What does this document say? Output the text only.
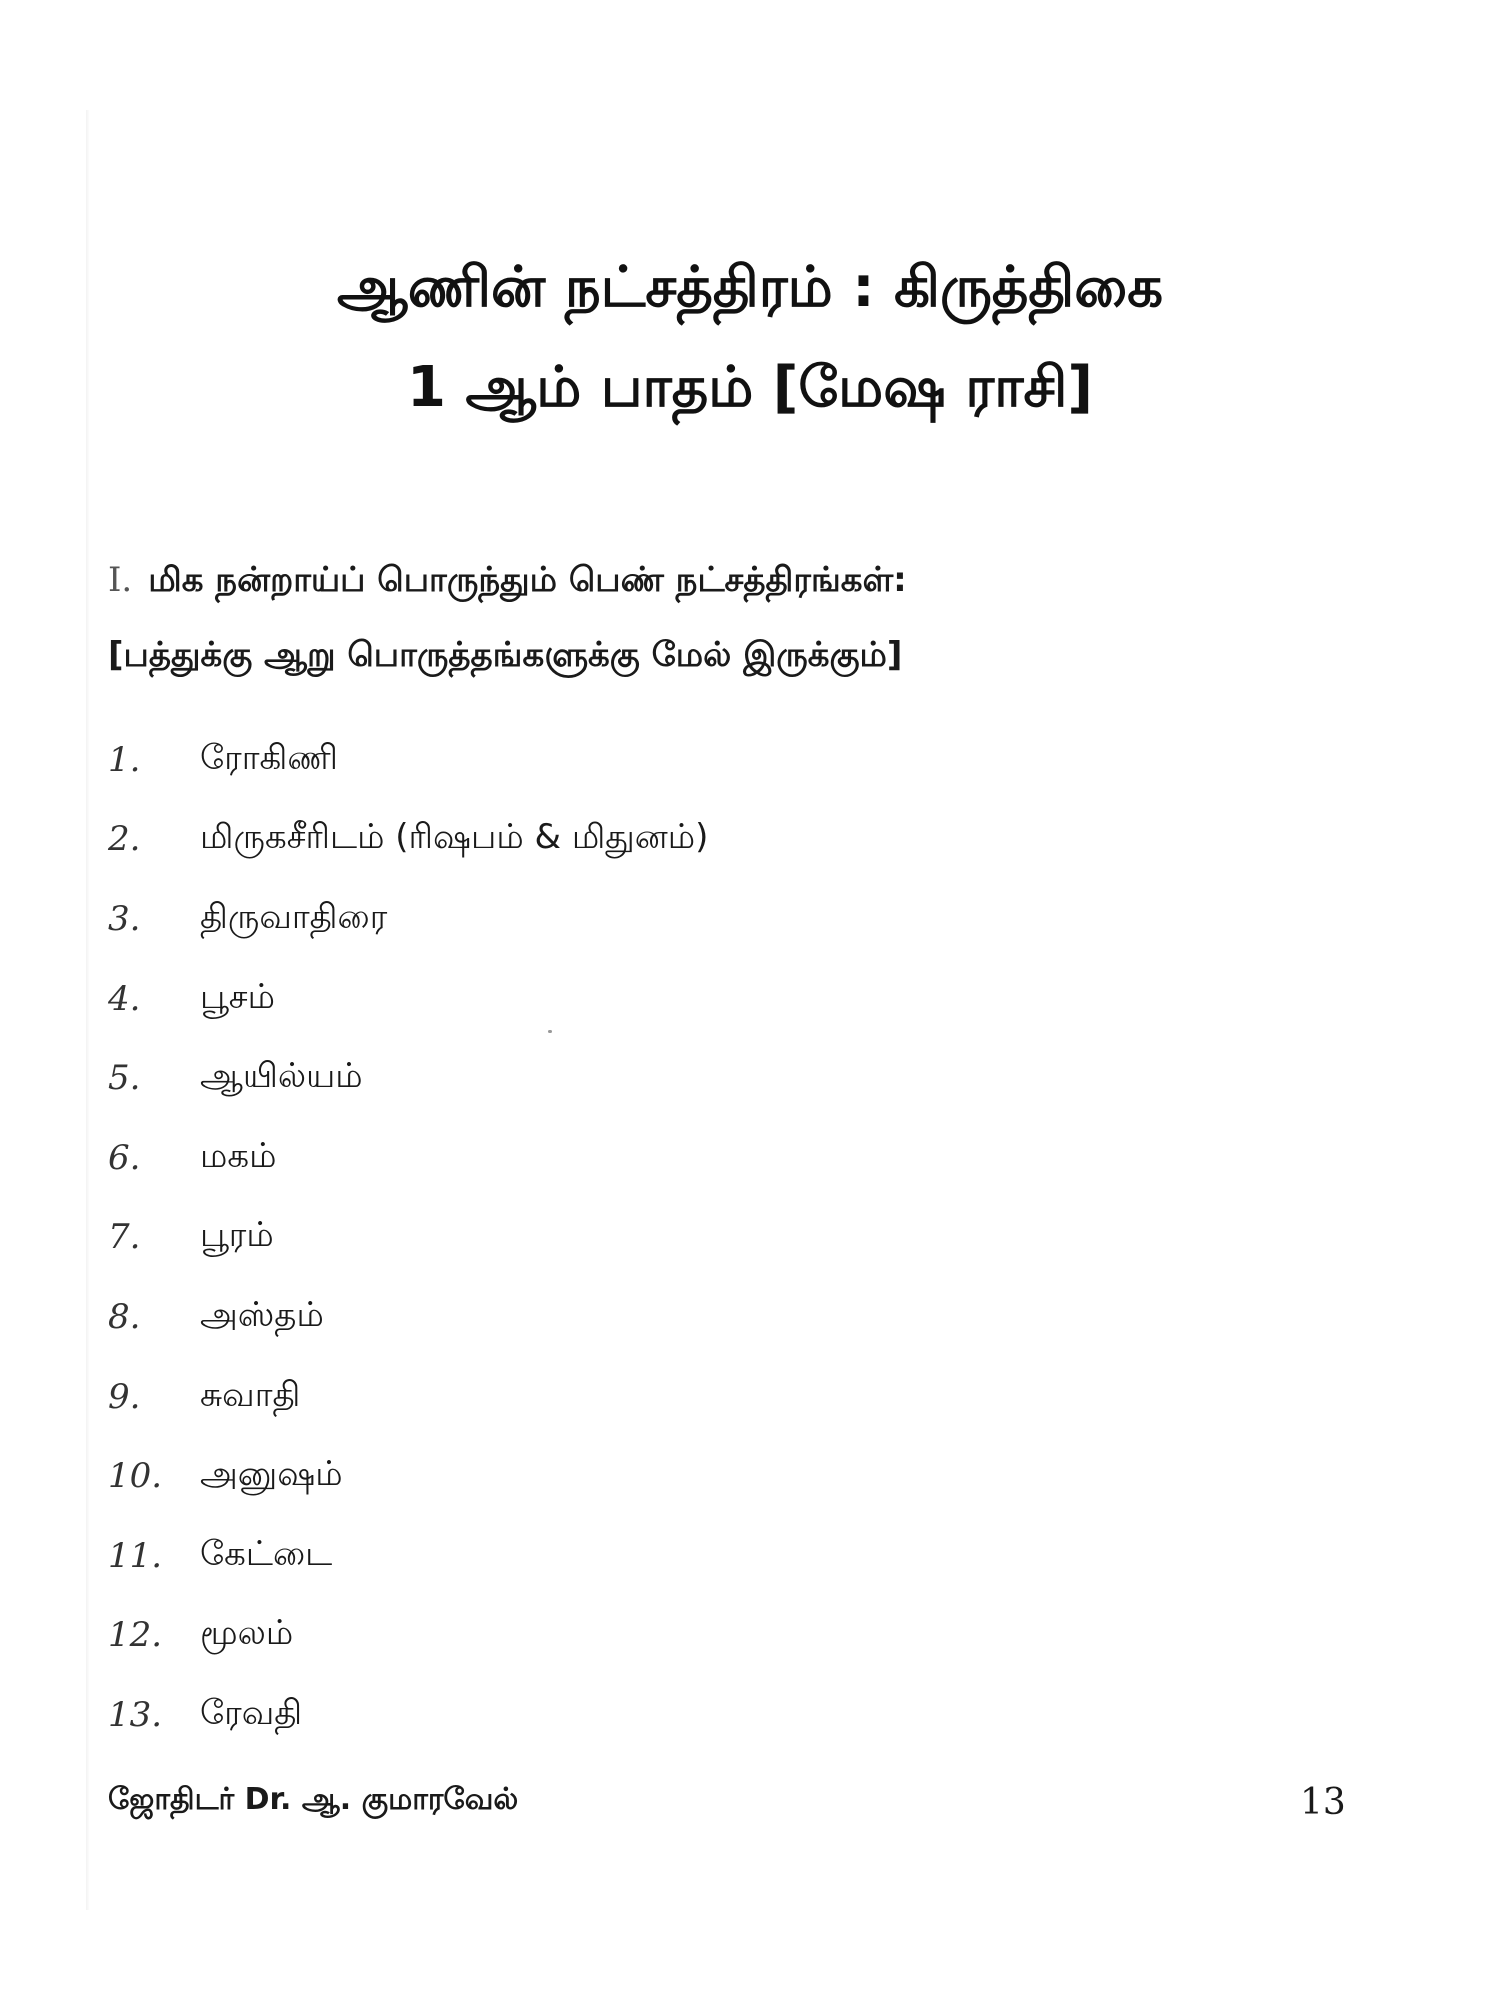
ஆணின் நட்சத்திரம் : கிருத்திகை
1 ஆம் பாதம் [மேஷ ராசி]
I. மிக நன்றாய்ப் பொருந்தும் பெண் நட்சத்திரங்கள்:
[பத்துக்கு ஆறு பொருத்தங்களுக்கு மேல் இருக்கும்]
1.	ரோகிணி
2.	மிருகசீரிடம் (ரிஷபம் & மிதுனம்)
3.	திருவாதிரை
4.	பூசம்
5.	ஆயில்யம்
6.	மகம்
7.	பூரம்
8.	அஸ்தம்
9.	சுவாதி
10.	அனுஷம்
11.	கேட்டை
12.	மூலம்
13.	ரேவதி
ஜோதிடர் Dr. ஆ. குமாரவேல்	13
